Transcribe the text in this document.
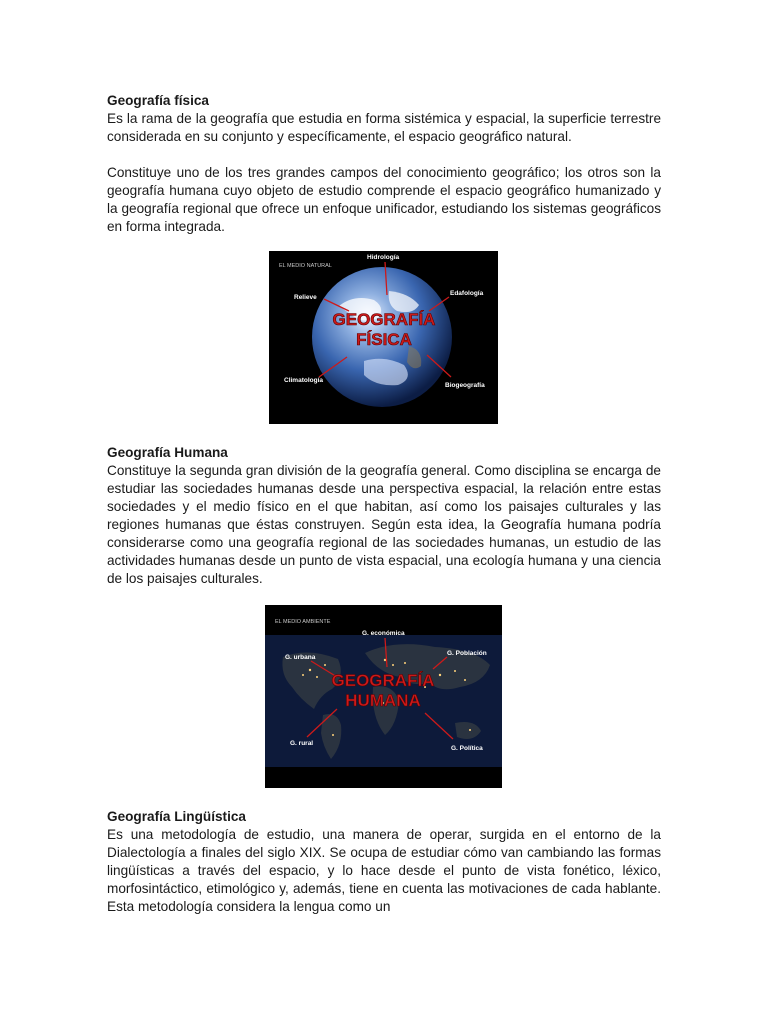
Geografía física

Es la rama de la geografía que estudia en forma sistémica y espacial, la superficie terrestre considerada en su conjunto y específicamente, el espacio geográfico natural.

Constituye uno de los tres grandes campos del conocimiento geográfico; los otros son la geografía humana cuyo objeto de estudio comprende el espacio geográfico humanizado y la geografía regional que ofrece un enfoque unificador, estudiando los sistemas geográficos en forma integrada.

EL MEDIO NATURAL
Hidrología
Edafología
Relieve
Climatología
Biogeografía
GEOGRAFÍA
FÍSICA

Geografía Humana

Constituye la segunda gran división de la geografía general. Como disciplina se encarga de estudiar las sociedades humanas desde una perspectiva espacial, la relación entre estas sociedades y el medio físico en el que habitan, así como los paisajes culturales y las regiones humanas que éstas construyen. Según esta idea, la Geografía humana podría considerarse como una geografía regional de las sociedades humanas, un estudio de las actividades humanas desde un punto de vista espacial, una ecología humana y una ciencia de los paisajes culturales.

EL MEDIO AMBIENTE
G. económica
G. urbana
G. Población
G. rural
G. Política
GEOGRAFÍA
HUMANA

Geografía Lingüística

Es una metodología de estudio, una manera de operar, surgida en el entorno de la Dialectología a finales del siglo XIX. Se ocupa de estudiar cómo van cambiando las formas lingüísticas a través del espacio, y lo hace desde el punto de vista fonético, léxico, morfosintáctico, etimológico y, además, tiene en cuenta las motivaciones de cada hablante. Esta metodología considera la lengua como un
